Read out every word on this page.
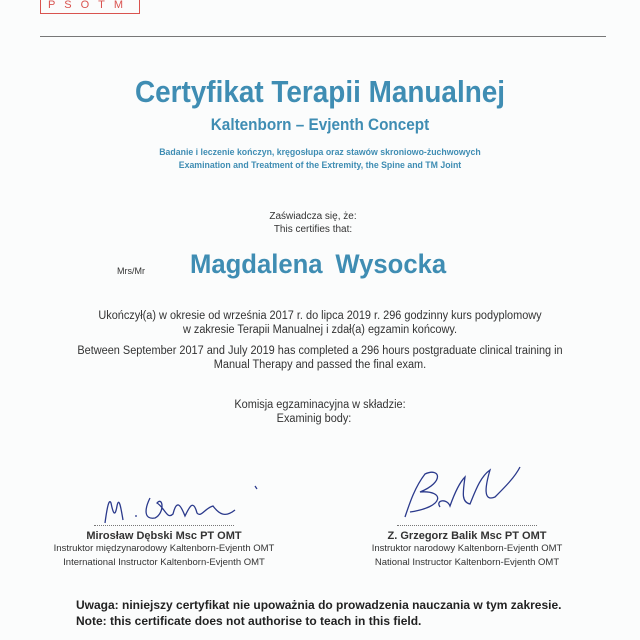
PSOTM
Certyfikat Terapii Manualnej
Kaltenborn – Evjenth Concept
Badanie i leczenie kończyn, kręgosłupa oraz stawów skroniowo-żuchwowych
Examination and Treatment of the Extremity, the Spine and TM Joint
Zaświadcza się, że:
This certifies that:
Mrs/Mr Magdalena Wysocka
Ukończył(a) w okresie od września 2017 r. do lipca 2019 r. 296 godzinny kurs podyplomowy
w zakresie Terapii Manualnej i zdał(a) egzamin końcowy.
Between September 2017 and July 2019 has completed a 296 hours postgraduate clinical training in
Manual Therapy and passed the final exam.
Komisja egzaminacyjna w składzie:
Examinig body:
Mirosław Dębski Msc PT OMT
Instruktor międzynarodowy Kaltenborn-Evjenth OMT
International Instructor Kaltenborn-Evjenth OMT
Z. Grzegorz Balik Msc PT OMT
Instruktor narodowy Kaltenborn-Evjenth OMT
National Instructor Kaltenborn-Evjenth OMT
Uwaga: niniejszy certyfikat nie upoważnia do prowadzenia nauczania w tym zakresie.
Note: this certificate does not authorise to teach in this field.
